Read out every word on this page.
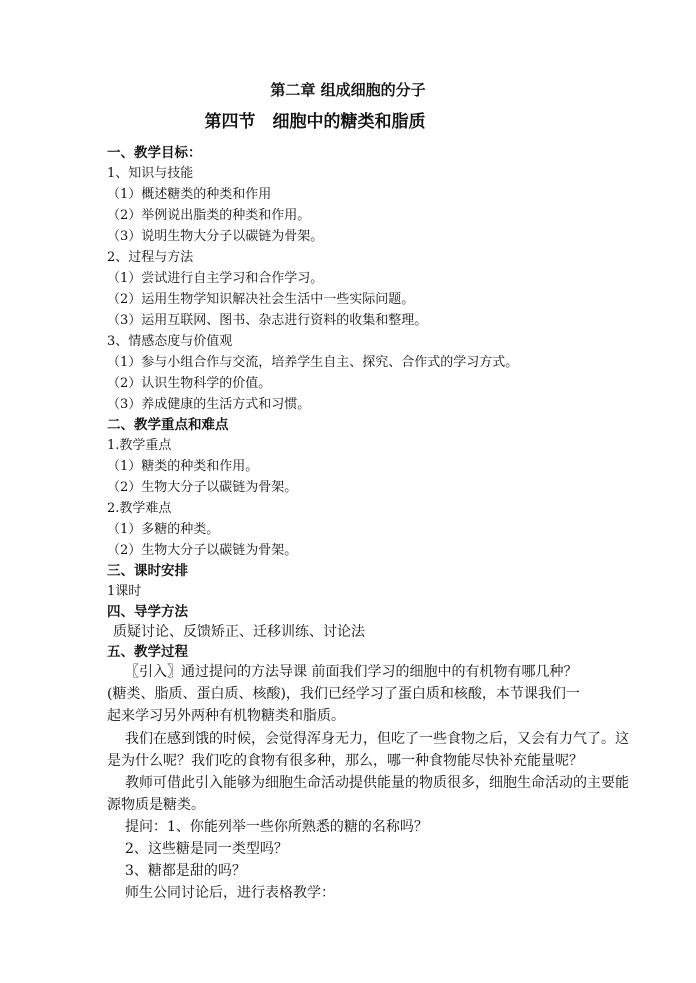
第二章 组成细胞的分子
第四节　细胞中的糖类和脂质
一、教学目标：
1、知识与技能
（1）概述糖类的种类和作用
（2）举例说出脂类的种类和作用。
（3）说明生物大分子以碳链为骨架。
2、过程与方法
（1）尝试进行自主学习和合作学习。
（2）运用生物学知识解决社会生活中一些实际问题。
（3）运用互联网、图书、杂志进行资料的收集和整理。
3、情感态度与价值观
（1）参与小组合作与交流，培养学生自主、探究、合作式的学习方式。
（2）认识生物科学的价值。
（3）养成健康的生活方式和习惯。
二、教学重点和难点
1.教学重点
（1）糖类的种类和作用。
（2）生物大分子以碳链为骨架。
2.教学难点
（1）多糖的种类。
（2）生物大分子以碳链为骨架。
三、课时安排
1课时
四、导学方法
质疑讨论、反馈矫正、迁移训练、讨论法
五、教学过程
〖引入〗通过提问的方法导课 前面我们学习的细胞中的有机物有哪几种？
(糖类、脂质、蛋白质、核酸)，我们已经学习了蛋白质和核酸，本节课我们一
起来学习另外两种有机物糖类和脂质。
我们在感到饿的时候，会觉得浑身无力，但吃了一些食物之后，又会有力气了。这
是为什么呢？我们吃的食物有很多种，那么，哪一种食物能尽快补充能量呢？
教师可借此引入能够为细胞生命活动提供能量的物质很多，细胞生命活动的主要能
源物质是糖类。
提问：1、你能列举一些你所熟悉的糖的名称吗？
2、这些糖是同一类型吗？
3、糖都是甜的吗？
师生公同讨论后，进行表格教学：
